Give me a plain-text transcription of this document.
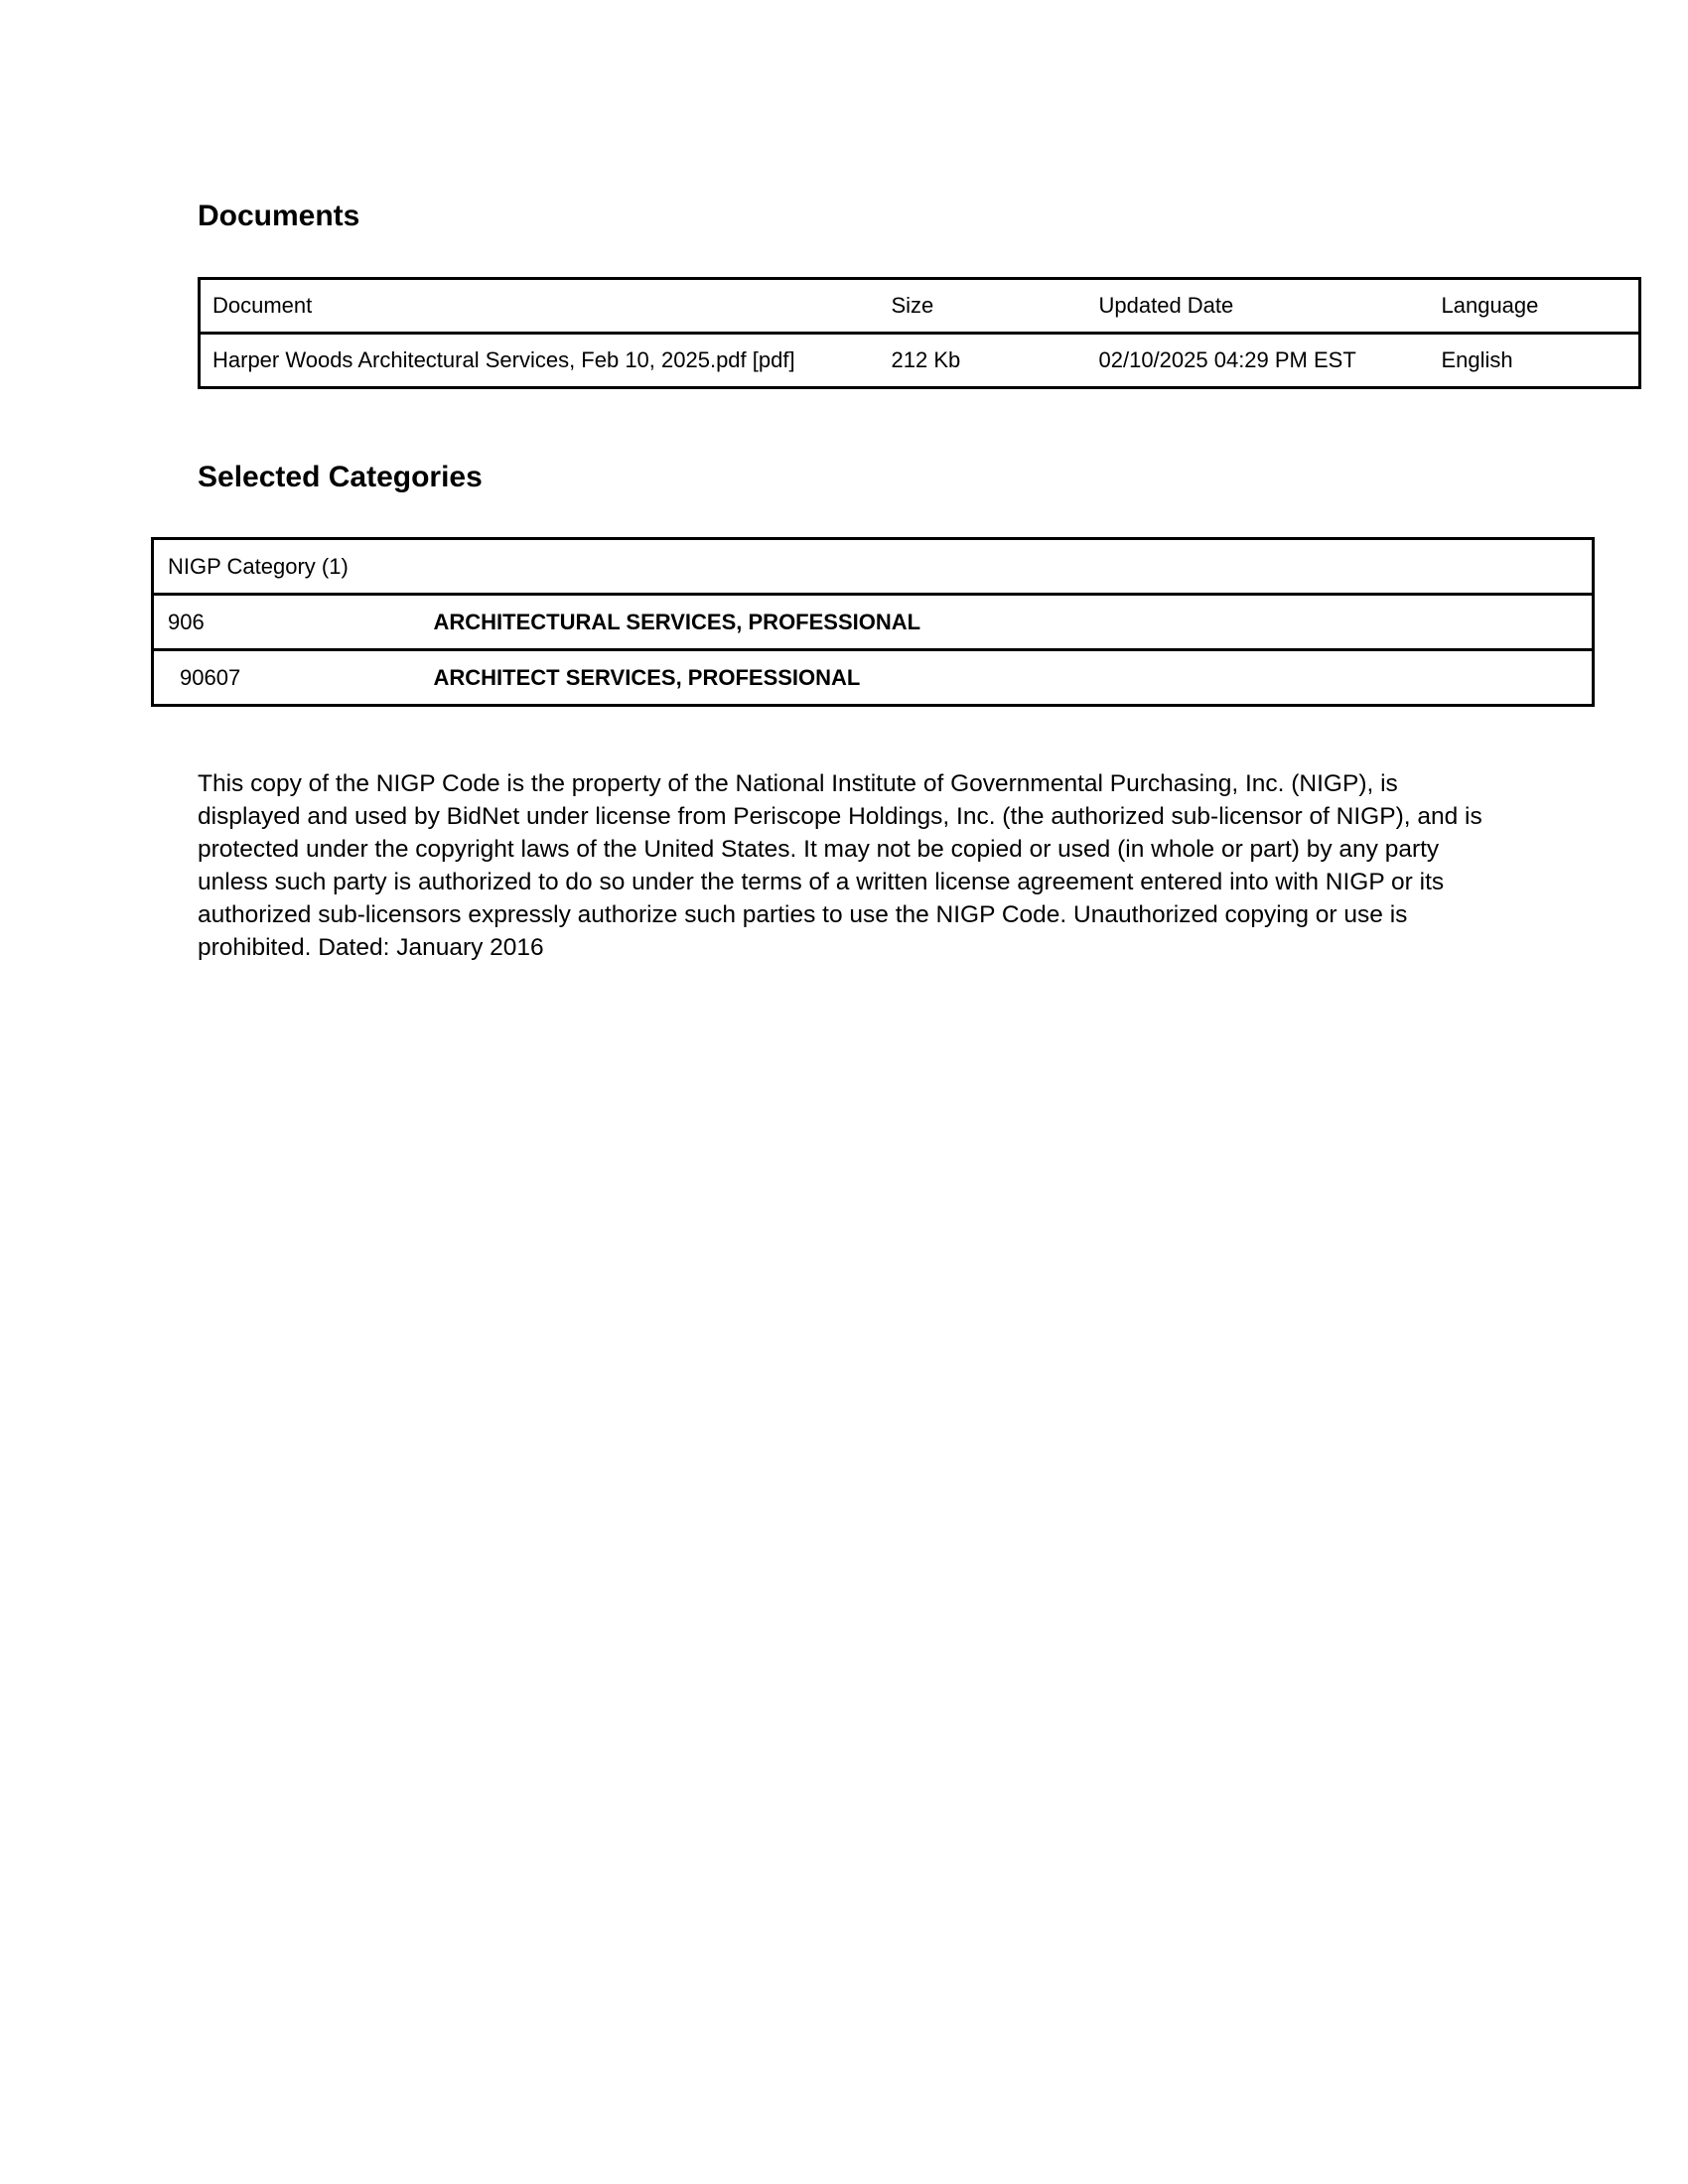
Documents
Document	Size	Updated Date	Language
Harper Woods Architectural Services, Feb 10, 2025.pdf [pdf]	212 Kb	02/10/2025 04:29 PM EST	English
Selected Categories
NIGP Category (1)	
906	ARCHITECTURAL SERVICES, PROFESSIONAL
90607	ARCHITECT SERVICES, PROFESSIONAL

This copy of the NIGP Code is the property of the National Institute of Governmental Purchasing, Inc. (NIGP), is displayed and used by BidNet under license from Periscope Holdings, Inc. (the authorized sub-licensor of NIGP), and is protected under the copyright laws of the United States. It may not be copied or used (in whole or part) by any party unless such party is authorized to do so under the terms of a written license agreement entered into with NIGP or its authorized sub-licensors expressly authorize such parties to use the NIGP Code. Unauthorized copying or use is prohibited. Dated: January 2016
